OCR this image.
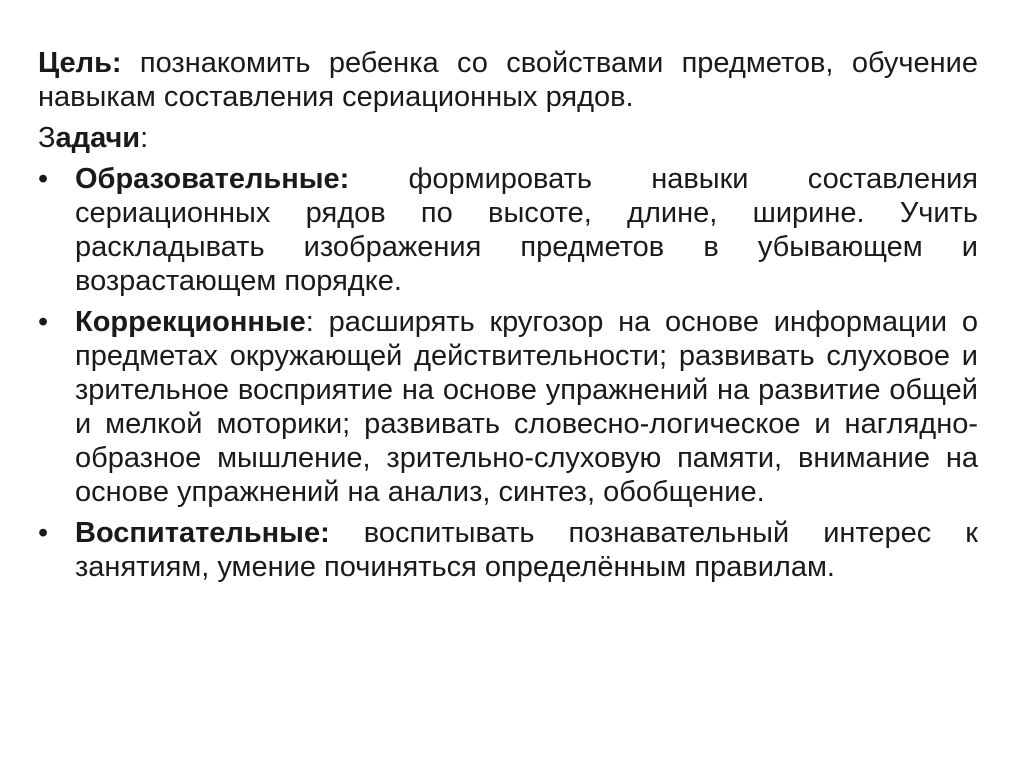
Цель: познакомить ребенка со свойствами предметов, обучение навыкам составления сериационных рядов.

Задачи:

• Образовательные: формировать навыки составления сериационных рядов по высоте, длине, ширине. Учить раскладывать изображения предметов в убывающем и возрастающем порядке.
• Коррекционные: расширять кругозор на основе информации о предметах окружающей действительности; развивать слуховое и зрительное восприятие на основе упражнений на развитие общей и мелкой моторики; развивать словесно-логическое и наглядно-образное мышление, зрительно-слуховую памяти, внимание на основе упражнений на анализ, синтез, обобщение.
• Воспитательные: воспитывать познавательный интерес к занятиям, умение починяться определённым правилам.
